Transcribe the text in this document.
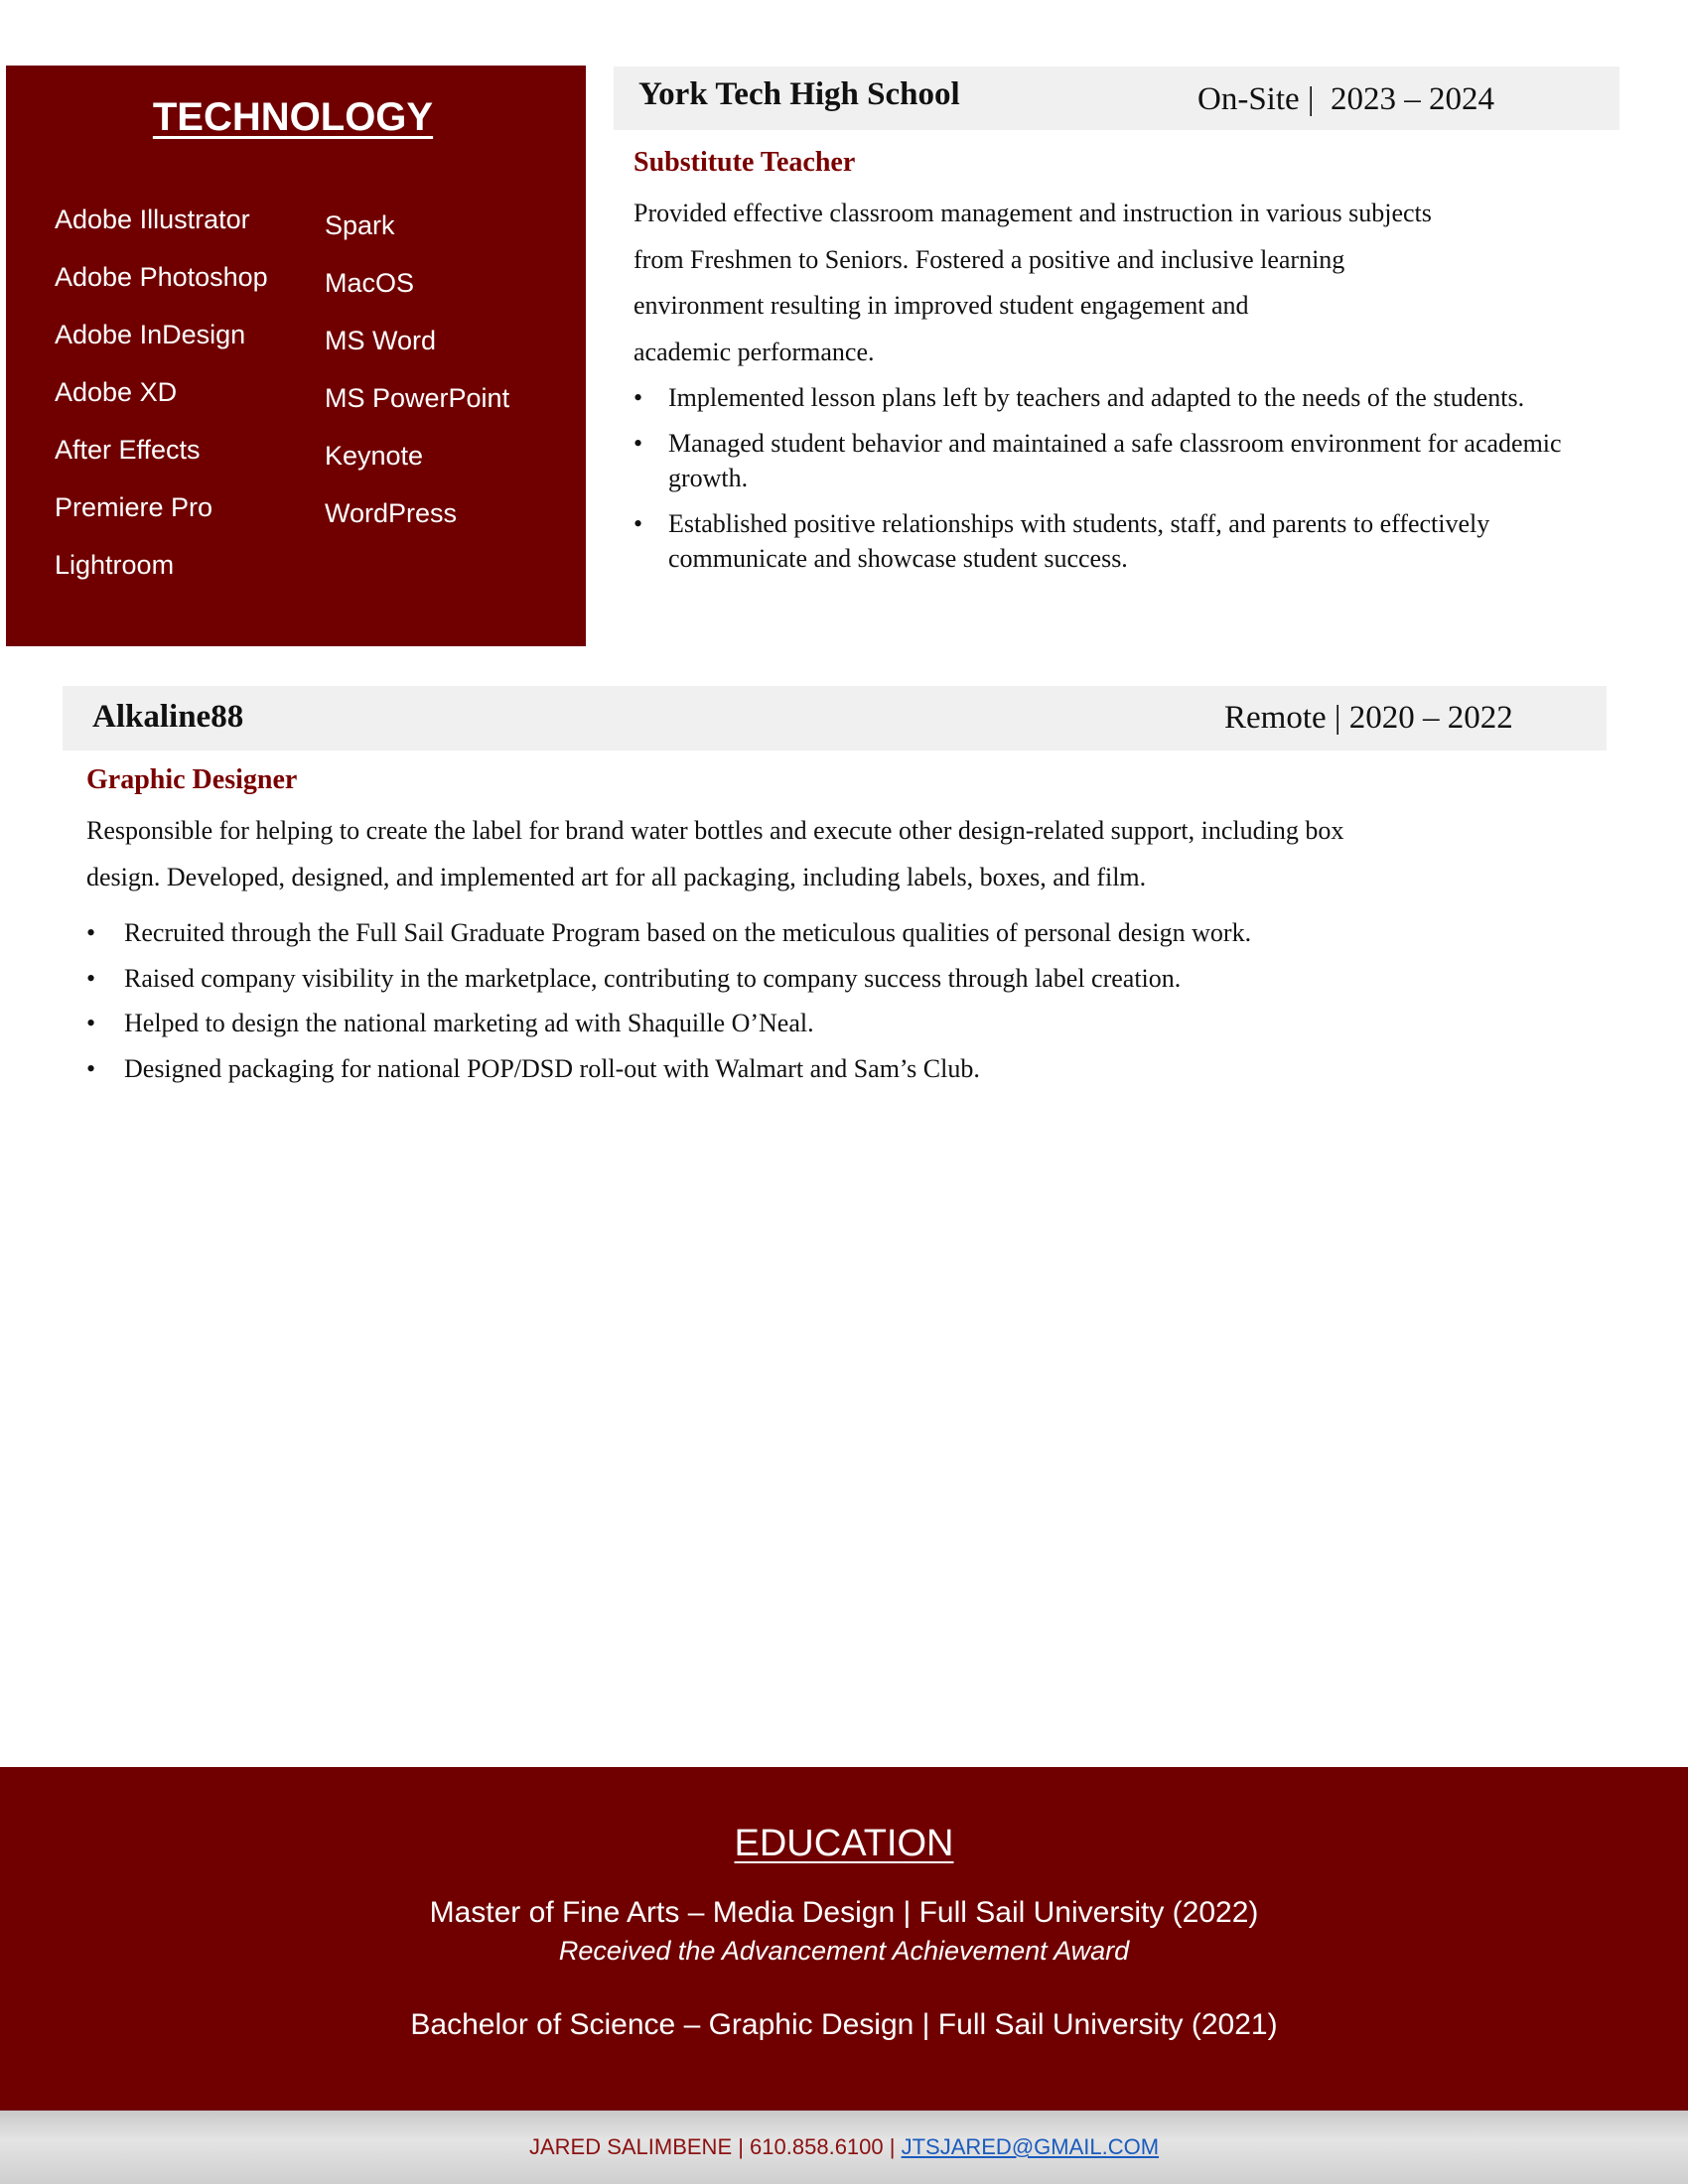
TECHNOLOGY
Adobe Illustrator
Adobe Photoshop
Adobe InDesign
Adobe XD
After Effects
Premiere Pro
Lightroom
Spark
MacOS
MS Word
MS PowerPoint
Keynote
WordPress
York Tech High School	On-Site |  2023 – 2024
Substitute Teacher
Provided effective classroom management and instruction in various subjects
from Freshmen to Seniors. Fostered a positive and inclusive learning
environment resulting in improved student engagement and
academic performance.
• Implemented lesson plans left by teachers and adapted to the needs of the students.
• Managed student behavior and maintained a safe classroom environment for academic growth.
• Established positive relationships with students, staff, and parents to effectively communicate and showcase student success.
Alkaline88	Remote | 2020 – 2022
Graphic Designer
Responsible for helping to create the label for brand water bottles and execute other design-related support, including box
design. Developed, designed, and implemented art for all packaging, including labels, boxes, and film.
• Recruited through the Full Sail Graduate Program based on the meticulous qualities of personal design work.
• Raised company visibility in the marketplace, contributing to company success through label creation.
• Helped to design the national marketing ad with Shaquille O’Neal.
• Designed packaging for national POP/DSD roll-out with Walmart and Sam’s Club.
EDUCATION
Master of Fine Arts – Media Design | Full Sail University (2022)
Received the Advancement Achievement Award
Bachelor of Science – Graphic Design | Full Sail University (2021)
JARED SALIMBENE | 610.858.6100 | JTSJARED@GMAIL.COM
